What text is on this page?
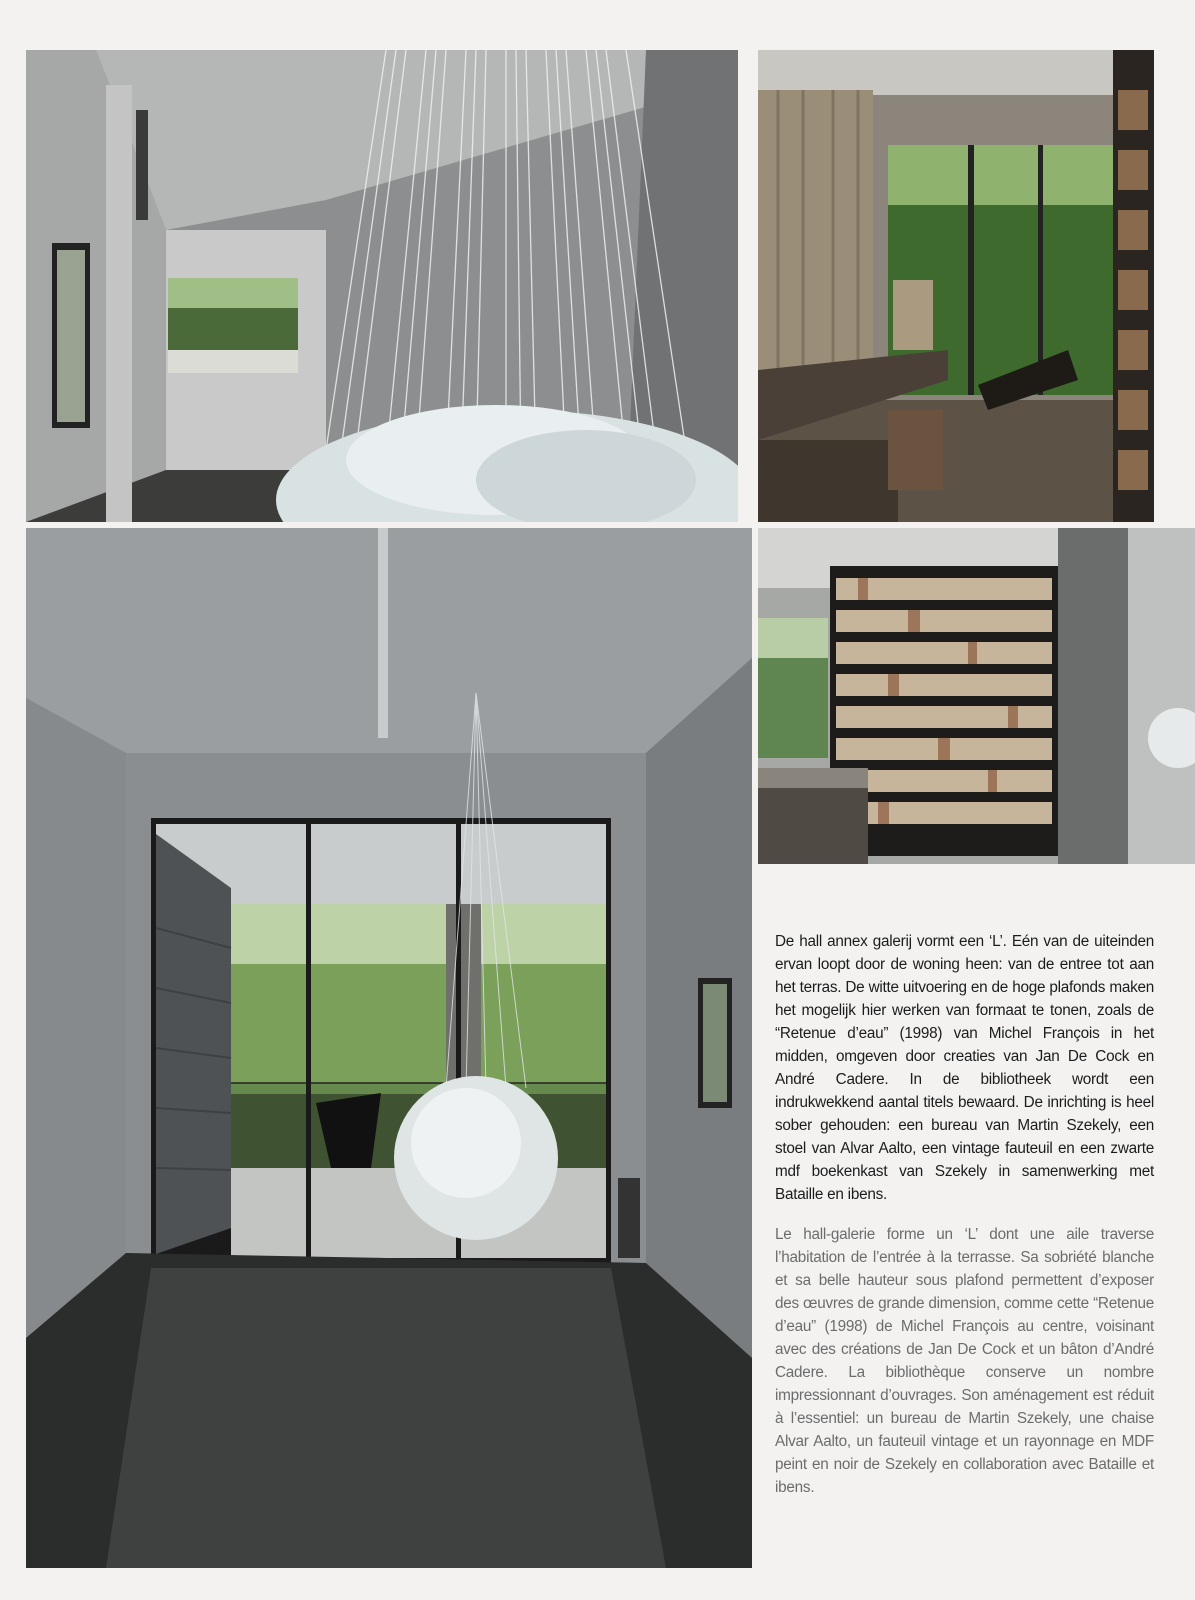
De hall annex galerij vormt een ‘L’. Eén van de uiteinden ervan loopt door de woning heen: van de entree tot aan het terras. De witte uitvoering en de hoge plafonds maken het mogelijk hier werken van formaat te tonen, zoals de “Retenue d’eau” (1998) van Michel François in het midden, omgeven door creaties van Jan De Cock en André Cadere. In de bibliotheek wordt een indrukwekkend aantal titels bewaard. De inrichting is heel sober gehouden: een bureau van Martin Szekely, een stoel van Alvar Aalto, een vintage fauteuil en een zwarte mdf boekenkast van Szekely in samenwerking met Bataille en ibens.

Le hall-galerie forme un ‘L’ dont une aile traverse l’habitation de l’entrée à la terrasse. Sa sobriété blanche et sa belle hauteur sous plafond permettent d’exposer des œuvres de grande dimension, comme cette “Retenue d’eau” (1998) de Michel François au centre, voisinant avec des créations de Jan De Cock et un bâton d’André Cadere. La bibliothèque conserve un nombre impressionnant d’ouvrages. Son aménagement est réduit à l’essentiel: un bureau de Martin Szekely, une chaise Alvar Aalto, un fauteuil vintage et un rayonnage en MDF peint en noir de Szekely en collaboration avec Bataille et ibens.
